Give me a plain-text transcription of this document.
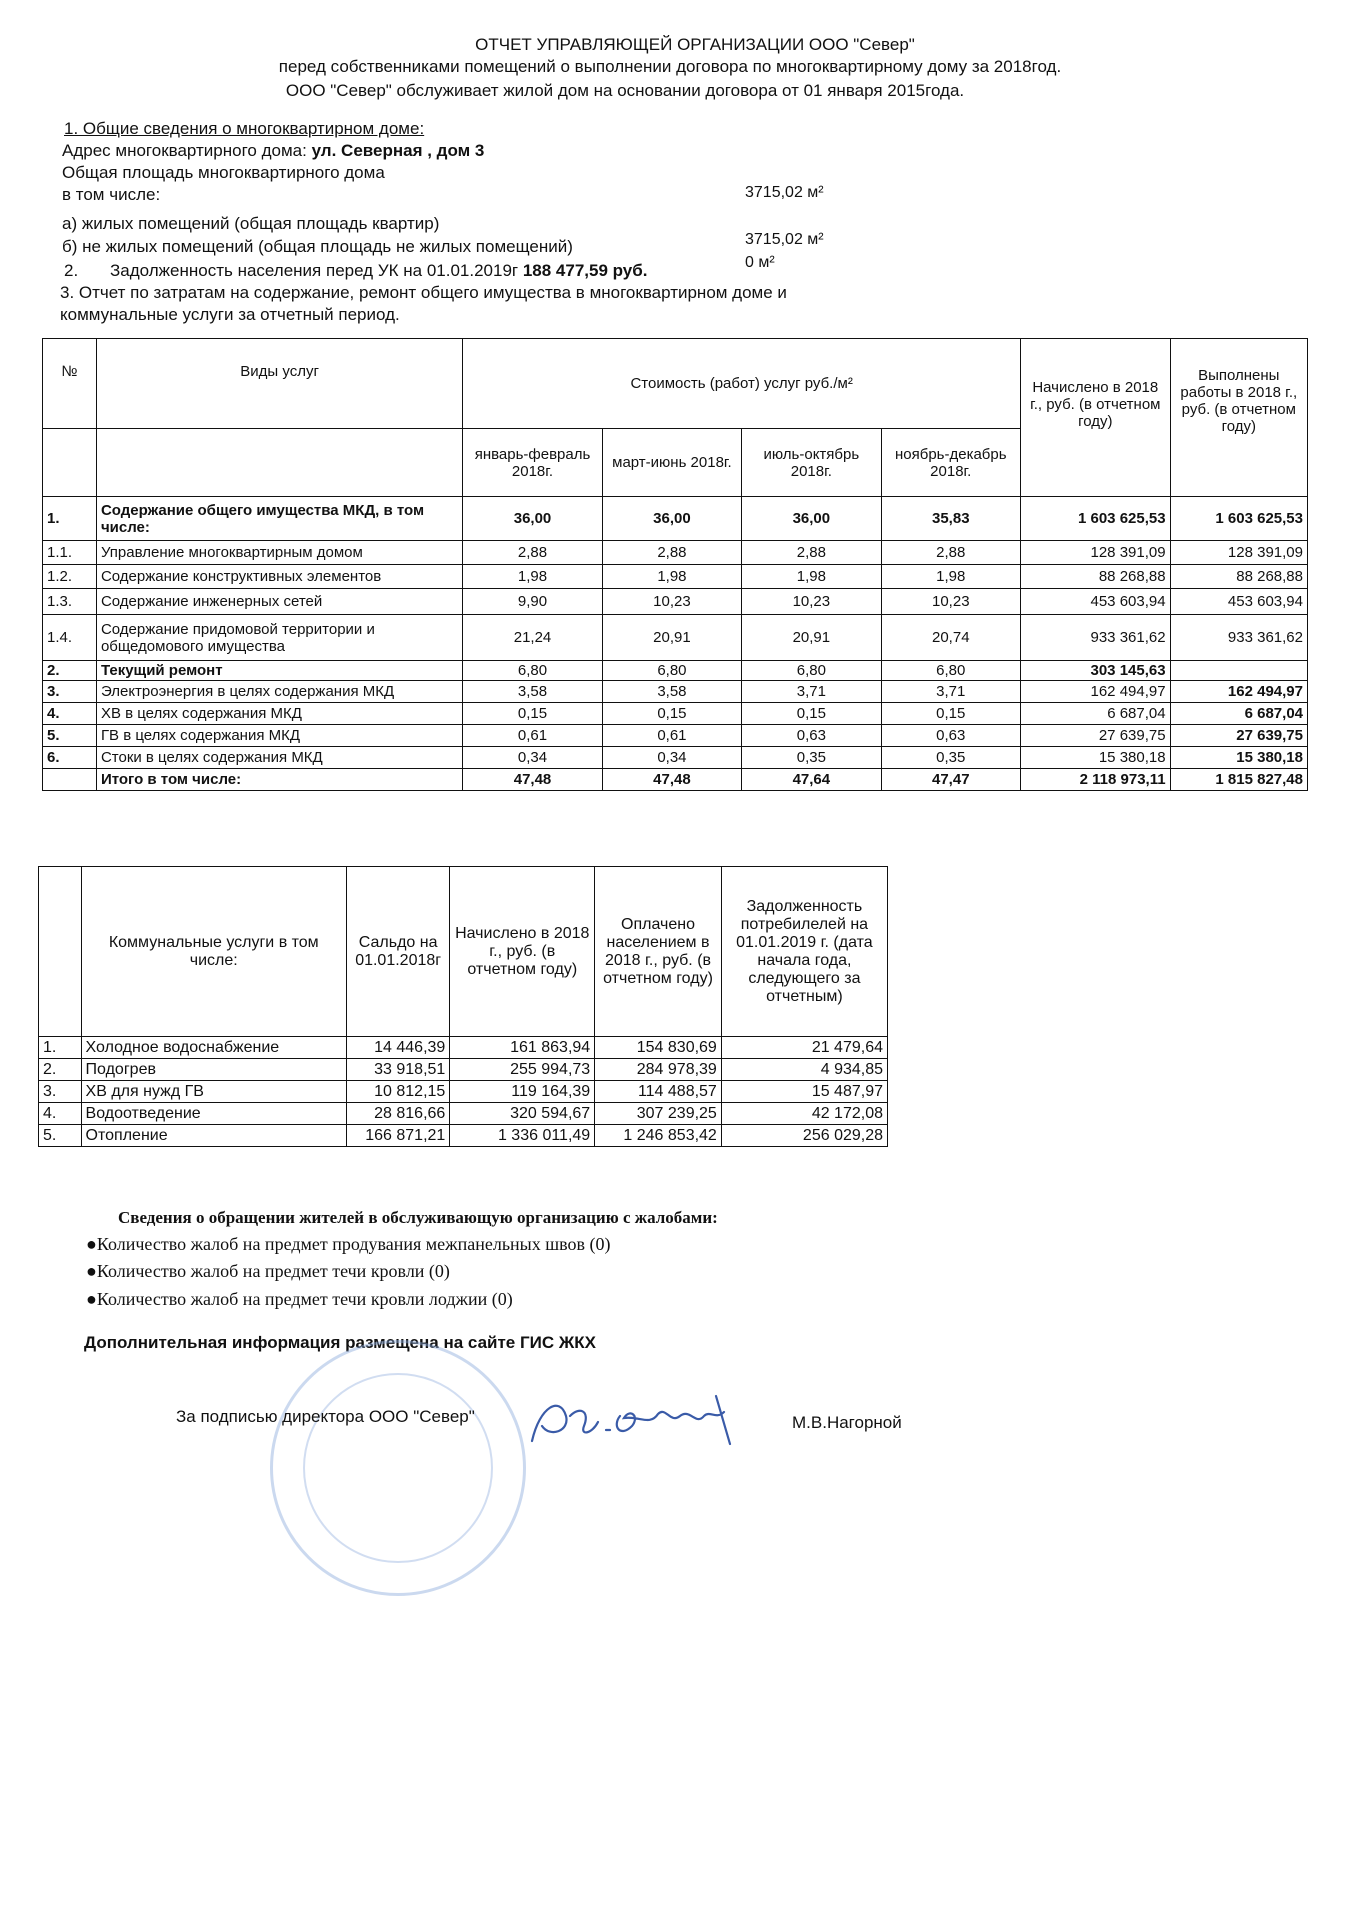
ОТЧЕТ УПРАВЛЯЮЩЕЙ ОРГАНИЗАЦИИ ООО "Север"
перед собственниками помещений о выполнении договора по многоквартирному дому за 2018год.
ООО "Север" обслуживает жилой дом на основании договора от 01 января 2015года.
1. Общие сведения о многоквартирном доме:
Адрес многоквартирного дома: ул. Северная , дом 3
Общая площадь многоквартирного дома
в том числе:	3715,02 м²
а) жилых помещений (общая площадь квартир)
3715,02 м²
б) не жилых помещений (общая площадь не жилых помещений)
0 м²
2. Задолженность населения перед УК на 01.01.2019г 188 477,59 руб.
3. Отчет по затратам на содержание, ремонт общего имущества в многоквартирном доме и
коммунальные услуги за отчетный период.
№	Виды услуг	Стоимость (работ) услуг руб./м²				Начислено в 2018 г., руб. (в отчетном году)	Выполнены работы в 2018 г., руб. (в отчетном году)
		январь-февраль 2018г.	март-июнь 2018г.	июль-октябрь 2018г.	ноябрь-декабрь 2018г.		
1.	Содержание общего имущества МКД, в том числе:	36,00	36,00	36,00	35,83	1 603 625,53	1 603 625,53
1.1.	Управление многоквартирным домом	2,88	2,88	2,88	2,88	128 391,09	128 391,09
1.2.	Содержание конструктивных элементов	1,98	1,98	1,98	1,98	88 268,88	88 268,88
1.3.	Содержание инженерных сетей	9,90	10,23	10,23	10,23	453 603,94	453 603,94
1.4.	Содержание придомовой территории и общедомового имущества	21,24	20,91	20,91	20,74	933 361,62	933 361,62
2.	Текущий ремонт	6,80	6,80	6,80	6,80	303 145,63	
3.	Электроэнергия в целях содержания МКД	3,58	3,58	3,71	3,71	162 494,97	162 494,97
4.	ХВ в целях содержания МКД	0,15	0,15	0,15	0,15	6 687,04	6 687,04
5.	ГВ в целях содержания МКД	0,61	0,61	0,63	0,63	27 639,75	27 639,75
6.	Стоки в целях содержания МКД	0,34	0,34	0,35	0,35	15 380,18	15 380,18
	Итого в том числе:	47,48	47,48	47,64	47,47	2 118 973,11	1 815 827,48
	Коммунальные услуги в том числе:	Сальдо на 01.01.2018г	Начислено в 2018 г., руб. (в отчетном году)	Оплачено населением в 2018 г., руб. (в отчетном году)	Задолженность потребилелей на 01.01.2019 г. (дата начала года, следующего за отчетным)
1.	Холодное водоснабжение	14 446,39	161 863,94	154 830,69	21 479,64
2.	Подогрев	33 918,51	255 994,73	284 978,39	4 934,85
3.	ХВ для нужд ГВ	10 812,15	119 164,39	114 488,57	15 487,97
4.	Водоотведение	28 816,66	320 594,67	307 239,25	42 172,08
5.	Отопление	166 871,21	1 336 011,49	1 246 853,42	256 029,28
Сведения о обращении жителей в обслуживающую организацию с жалобами:
●Количество жалоб на предмет продувания межпанельных швов (0)
●Количество жалоб на предмет течи кровли (0)
●Количество жалоб на предмет течи кровли лоджии (0)
Дополнительная информация размещена на сайте ГИС ЖКХ
За подписью директора ООО "Север"	М.В.Нагорной
